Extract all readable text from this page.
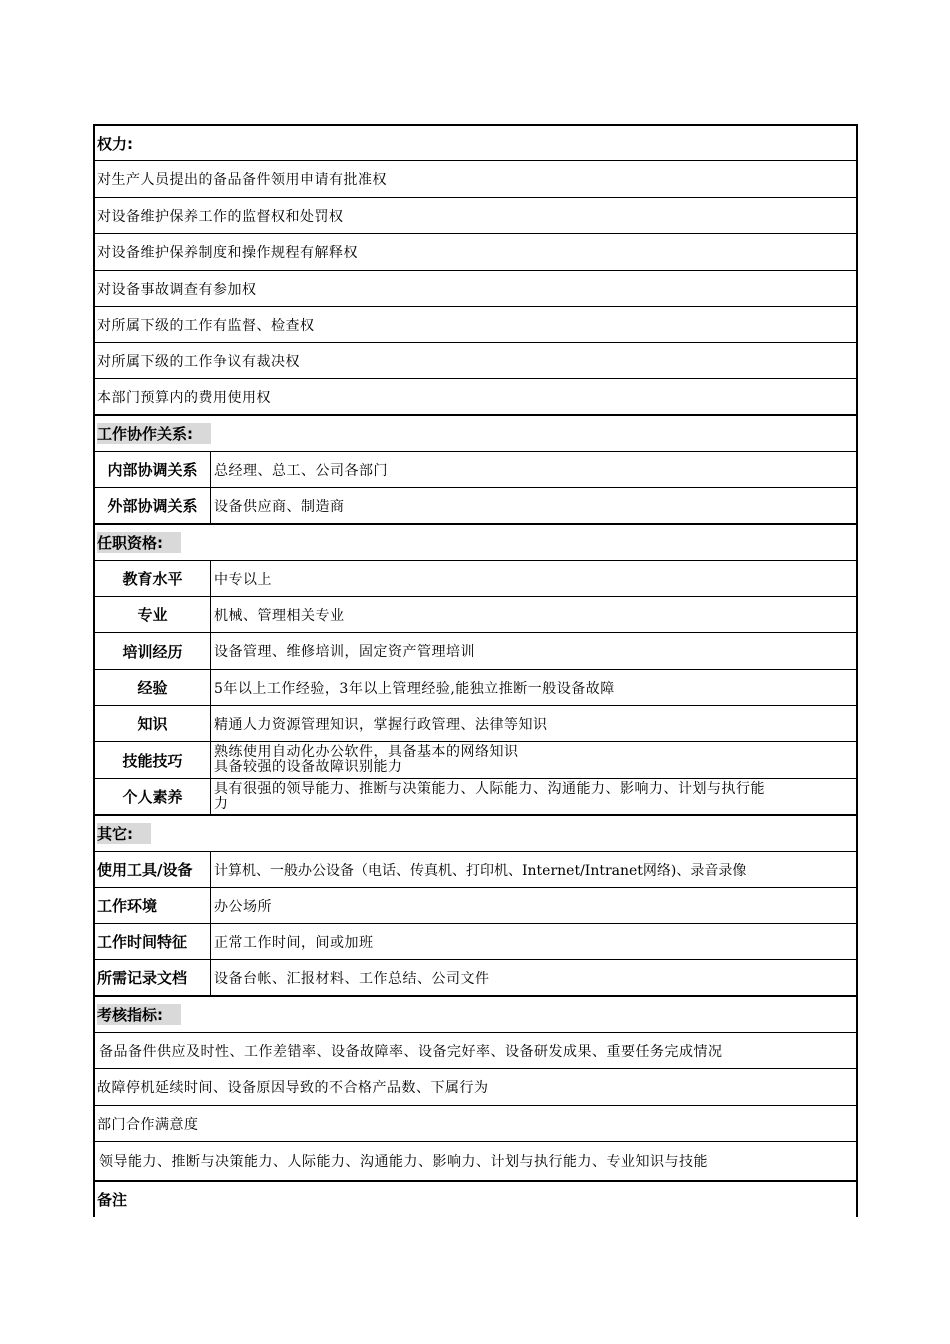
权力:
对生产人员提出的备品备件领用申请有批准权
对设备维护保养工作的监督权和处罚权
对设备维护保养制度和操作规程有解释权
对设备事故调查有参加权
对所属下级的工作有监督、检查权
对所属下级的工作争议有裁决权
本部门预算内的费用使用权
工作协作关系:
内部协调关系	总经理、总工、公司各部门
外部协调关系	设备供应商、制造商
任职资格:
教育水平	中专以上
专业	机械、管理相关专业
培训经历	设备管理、维修培训，固定资产管理培训
经验	5年以上工作经验，3年以上管理经验,能独立推断一般设备故障
知识	精通人力资源管理知识，掌握行政管理、法律等知识
技能技巧	熟练使用自动化办公软件，具备基本的网络知识
具备较强的设备故障识别能力
个人素养	具有很强的领导能力、推断与决策能力、人际能力、沟通能力、影响力、计划与执行能
力
其它:
使用工具/设备	计算机、一般办公设备（电话、传真机、打印机、Internet/Intranet网络)、录音录像
工作环境	办公场所
工作时间特征	正常工作时间，间或加班
所需记录文档	设备台帐、汇报材料、工作总结、公司文件
考核指标:
备品备件供应及时性、工作差错率、设备故障率、设备完好率、设备研发成果、重要任务完成情况
故障停机延续时间、设备原因导致的不合格产品数、下属行为
部门合作满意度
领导能力、推断与决策能力、人际能力、沟通能力、影响力、计划与执行能力、专业知识与技能
备注
